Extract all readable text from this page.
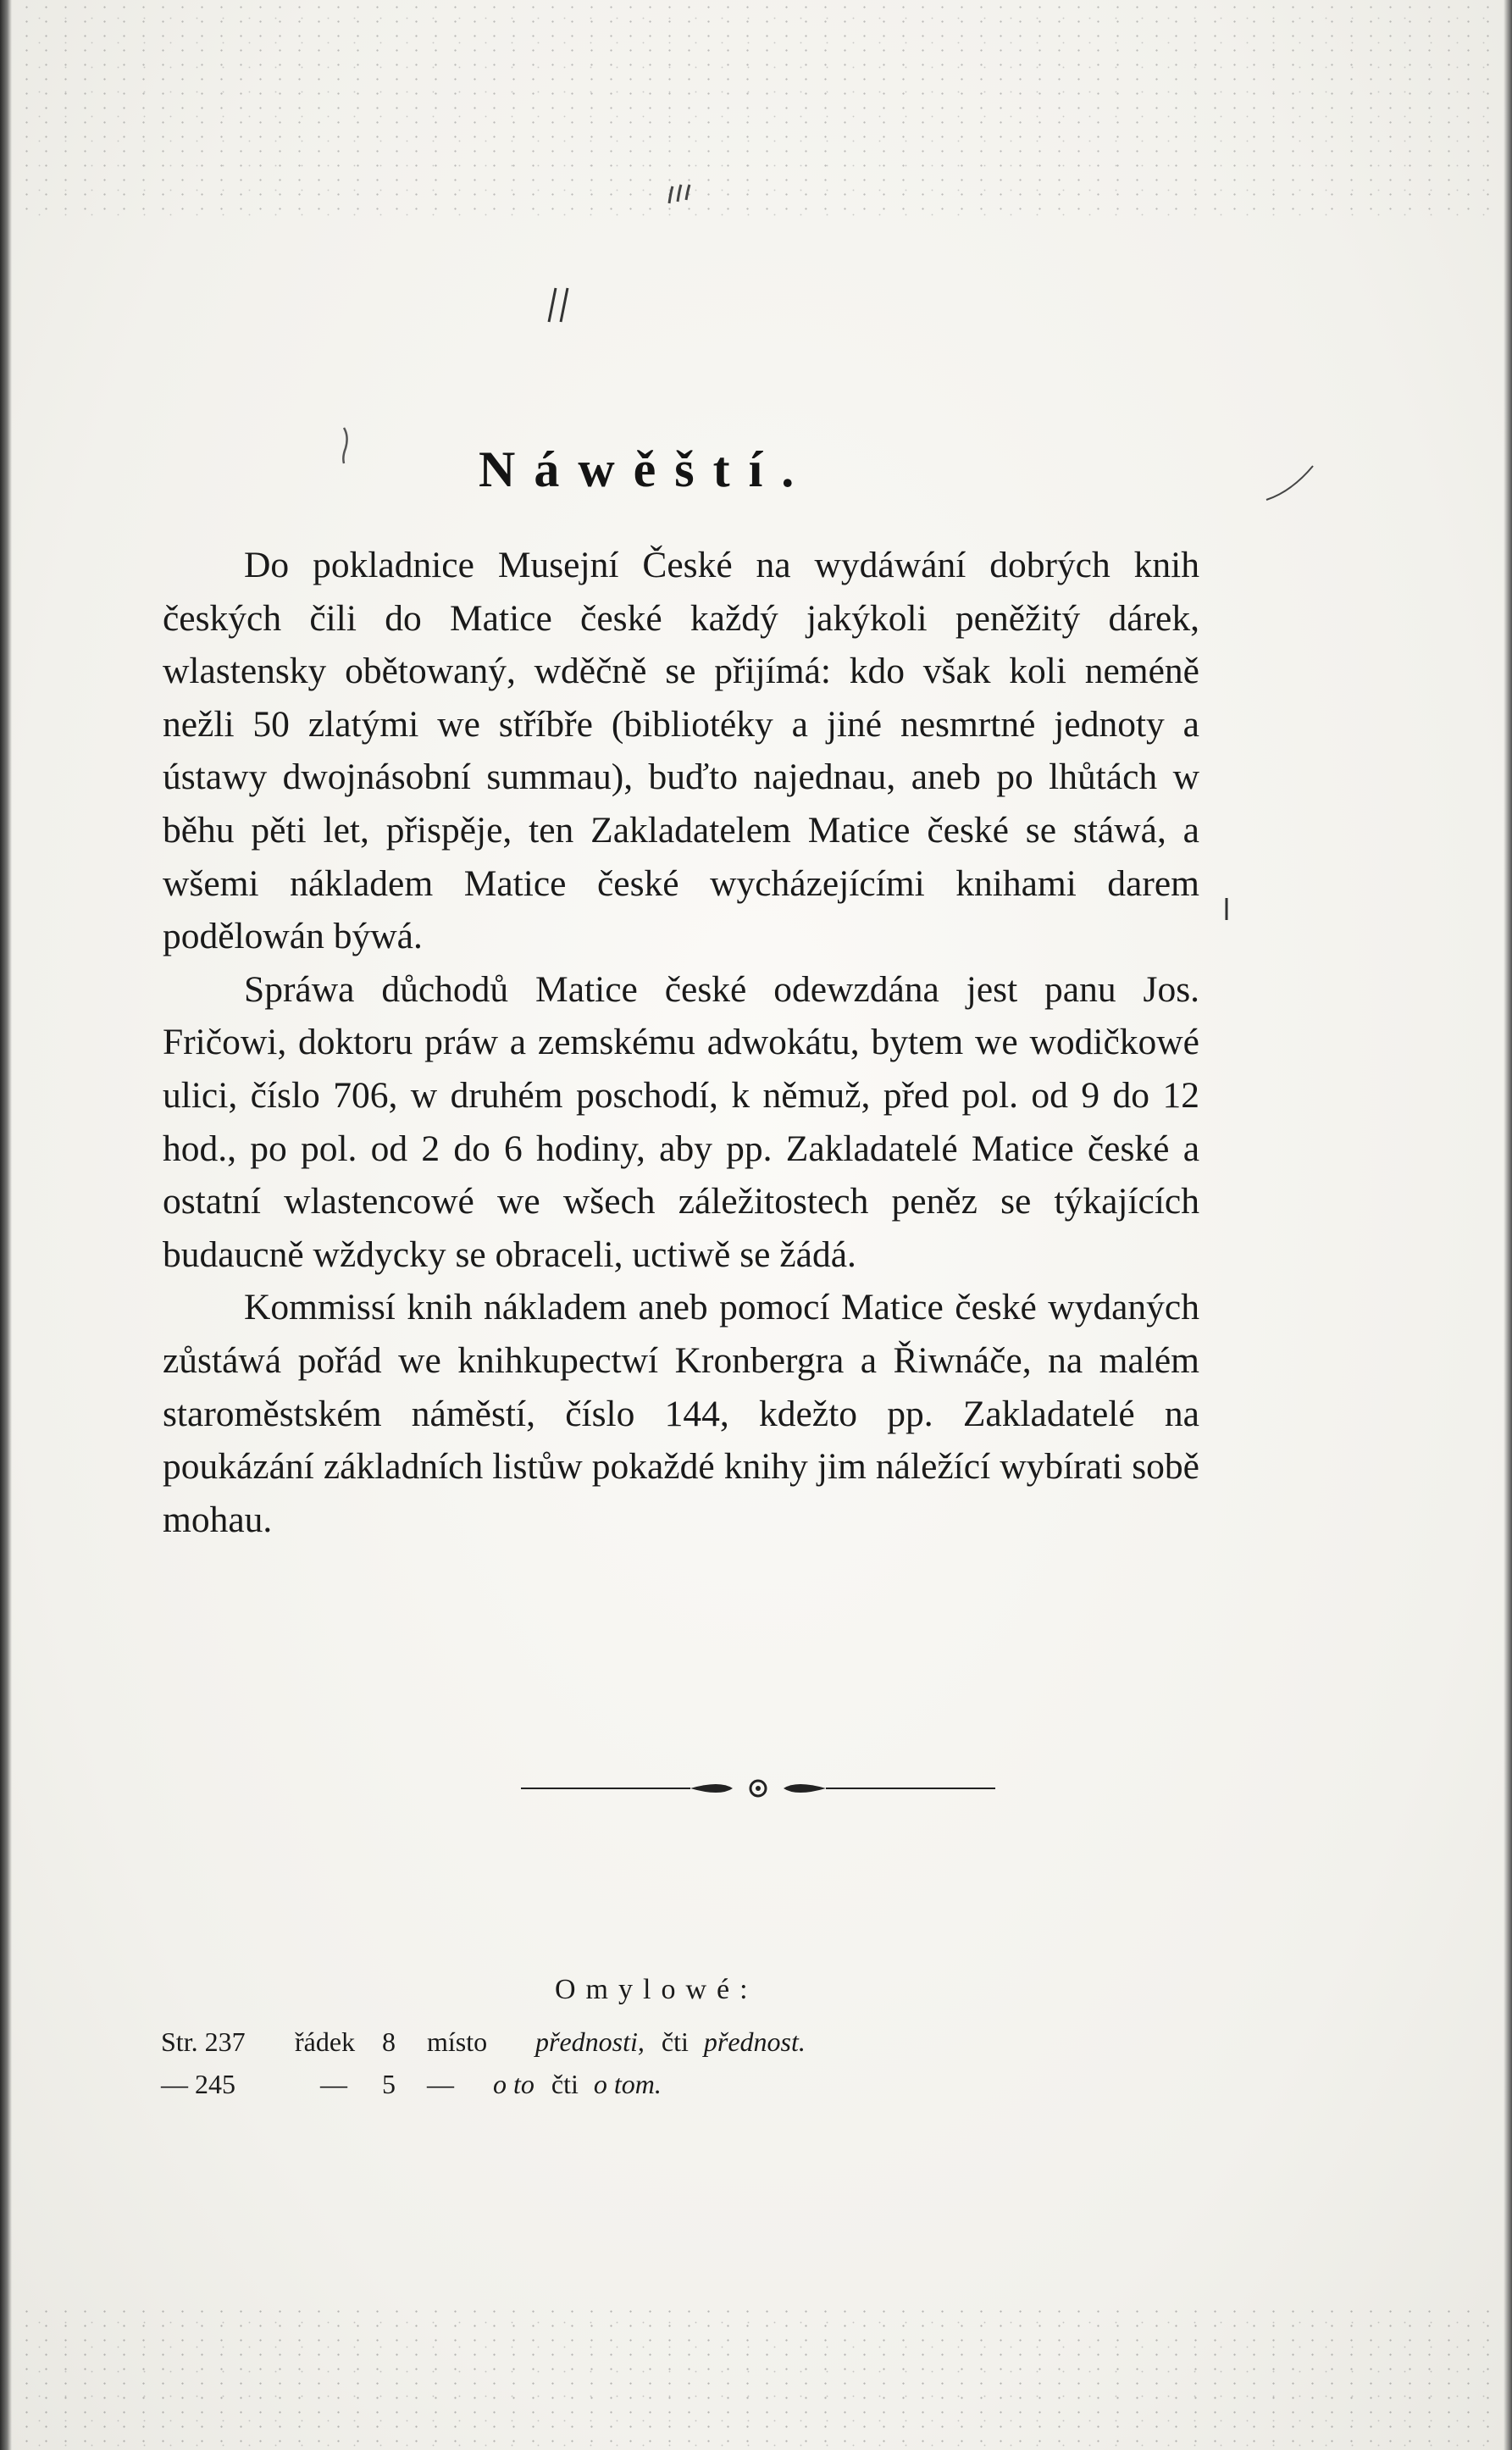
Náwěští.

Do pokladnice Musejní České na wydáwání dobrých knih českých čili do Matice české každý jakýkoli peněžitý dárek, wlastensky obětowaný, wděčně se přijímá: kdo však koli neméně nežli 50 zlatými we stříbře (bibliotéky a jiné nesmrtné jednoty a ústawy dwojnásobní summau), buďto najednau, aneb po lhůtách w běhu pěti let, přispěje, ten Zakladatelem Matice české se stáwá, a wšemi nákladem Matice české wycházejícími knihami darem podělowán býwá.

Spráwa důchodů Matice české odewzdána jest panu Jos. Fričowi, doktoru práw a zemskému adwokátu, bytem we wodičkowé ulici, číslo 706, w druhém poschodí, k němuž, před pol. od 9 do 12 hod., po pol. od 2 do 6 hodiny, aby pp. Zakladatelé Matice české a ostatní wlastencowé we wšech záležitostech peněz se týkajících budaucně wždycky se obraceli, uctiwě se žádá.

Kommissí knih nákladem aneb pomocí Matice české wydaných zůstáwá pořád we knihkupectwí Kronbergra a Řiwnáče, na malém staroměstském náměstí, číslo 144, kdežto pp. Zakladatelé na poukázání základních listůw pokaždé knihy jim náležící wybírati sobě mohau.

Omylowé:
Str. 237 řádek 8 místo přednosti, čti přednost.
— 245	— 5 — o to čti o tom.
